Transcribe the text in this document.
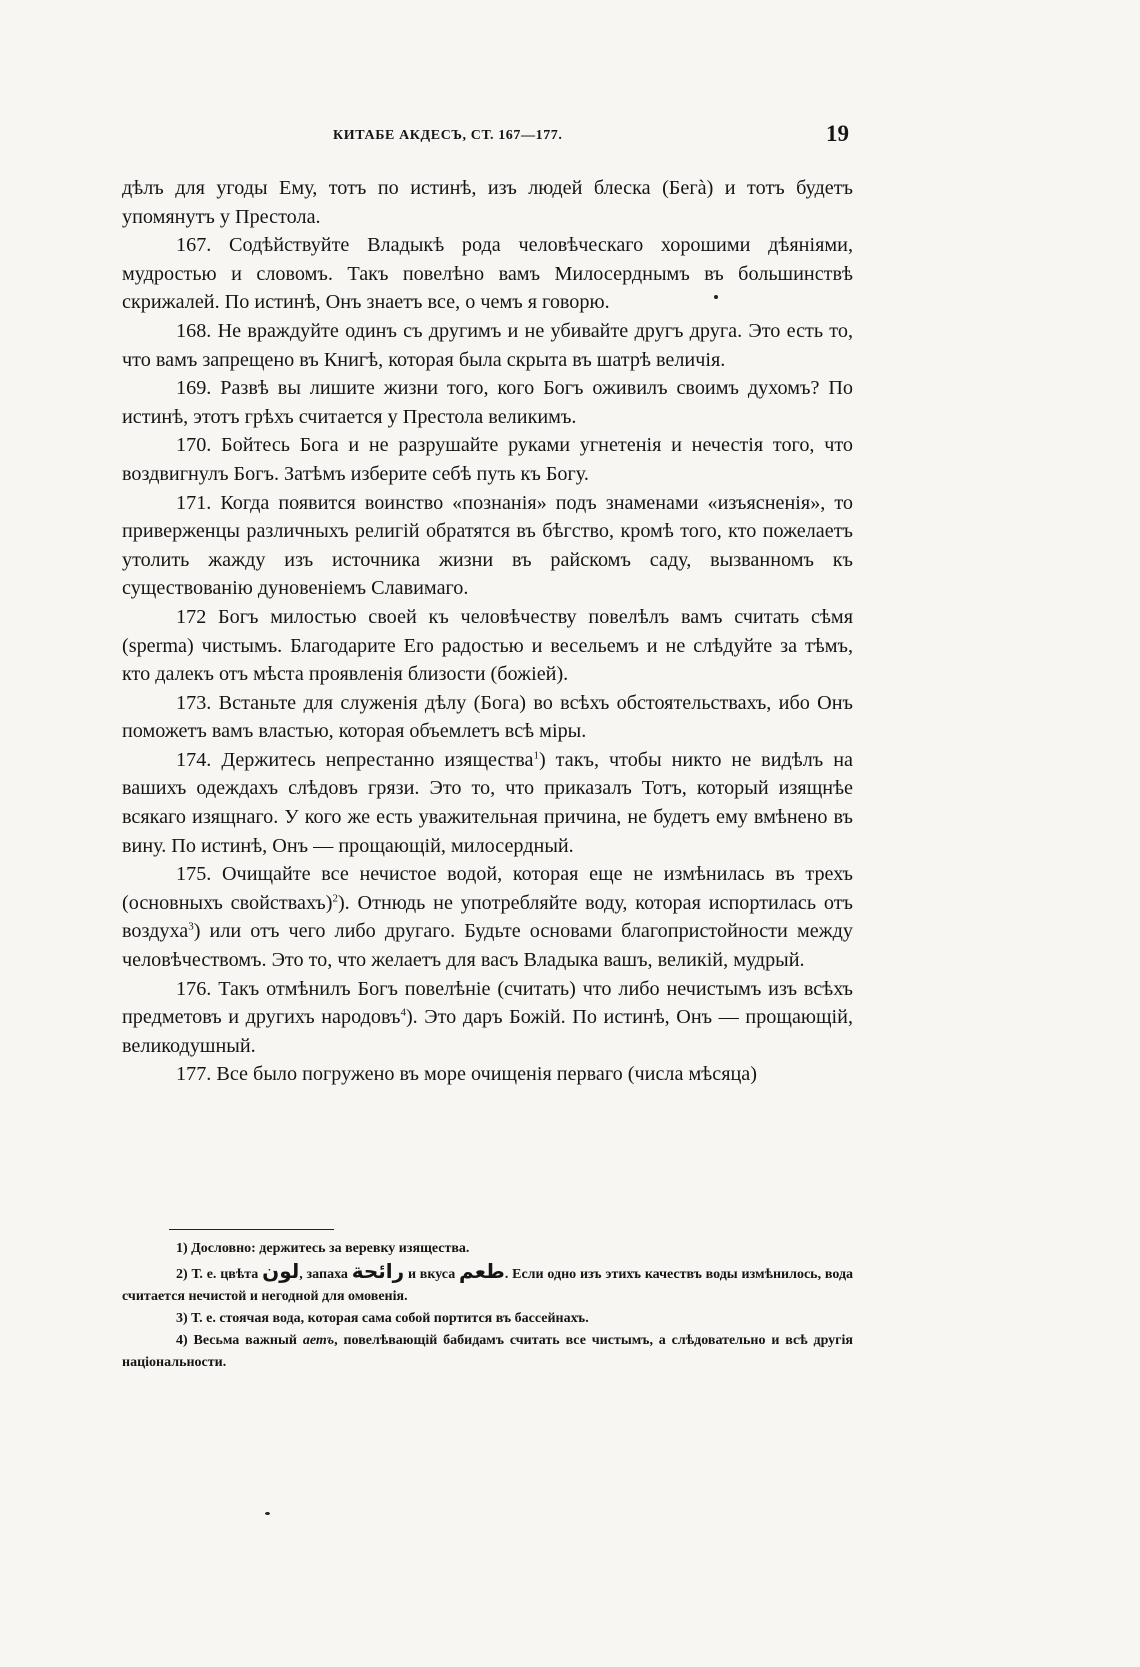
КИТАБЕ АКДЕСЪ, СТ. 167—177.	19

дѣлъ для угоды Ему, тотъ по истинѣ, изъ людей блеска (Бегà) и тотъ будетъ упомянутъ у Престола.

167. Содѣйствуйте Владыкѣ рода человѣческаго хорошими дѣяніями, мудростью и словомъ. Такъ повелѣно вамъ Милосерднымъ въ большинствѣ скрижалей. По истинѣ, Онъ знаетъ все, о чемъ я говорю.

168. Не враждуйте одинъ съ другимъ и не убивайте другъ друга. Это есть то, что вамъ запрещено въ Книгѣ, которая была скрыта въ шатрѣ величія.

169. Развѣ вы лишите жизни того, кого Богъ оживилъ своимъ духомъ? По истинѣ, этотъ грѣхъ считается у Престола великимъ.

170. Бойтесь Бога и не разрушайте руками угнетенія и нечестія того, что воздвигнулъ Богъ. Затѣмъ изберите себѣ путь къ Богу.

171. Когда появится воинство «познанія» подъ знаменами «изъясненія», то приверженцы различныхъ религій обратятся въ бѣгство, кромѣ того, кто пожелаетъ утолить жажду изъ источника жизни въ райскомъ саду, вызванномъ къ существованію дуновеніемъ Славимаго.

172 Богъ милостью своей къ человѣчеству повелѣлъ вамъ считать сѣмя (sperma) чистымъ. Благодарите Его радостью и весельемъ и не слѣдуйте за тѣмъ, кто далекъ отъ мѣста проявленія близости (божіей).

173. Встаньте для служенія дѣлу (Бога) во всѣхъ обстоятельствахъ, ибо Онъ поможетъ вамъ властью, которая объемлетъ всѣ міры.

174. Держитесь непрестанно изящества$^1$) такъ, чтобы никто не видѣлъ на вашихъ одеждахъ слѣдовъ грязи. Это то, что приказалъ Тотъ, который изящнѣе всякаго изящнаго. У кого же есть уважительная причина, не будетъ ему вмѣнено въ вину. По истинѣ, Онъ — прощающій, милосердный.

175. Очищайте все нечистое водой, которая еще не измѣнилась въ трехъ (основныхъ свойствахъ)$^2$). Отнюдь не употребляйте воду, которая испортилась отъ воздуха$^3$) или отъ чего либо другаго. Будьте основами благопристойности между человѣчествомъ. Это то, что желаетъ для васъ Владыка вашъ, великій, мудрый.

176. Такъ отмѣнилъ Богъ повелѣніе (считать) что либо нечистымъ изъ всѣхъ предметовъ и другихъ народовъ$^4$). Это даръ Божій. По истинѣ, Онъ — прощающій, великодушный.

177. Все было погружено въ море очищенія перваго (числа мѣсяца)

1) Дословно: держитесь за веревку изящества.

2) Т. е. цвѣта لون, запаха رائحة и вкуса طعم. Если одно изъ этихъ качествъ воды измѣнилось, вода считается нечистой и негодной для омовенія.

3) Т. е. стоячая вода, которая сама собой портится въ бассейнахъ.

4) Весьма важный аетъ, повелѣвающій бабидамъ считать все чистымъ, а слѣдовательно и всѣ другія національности.
